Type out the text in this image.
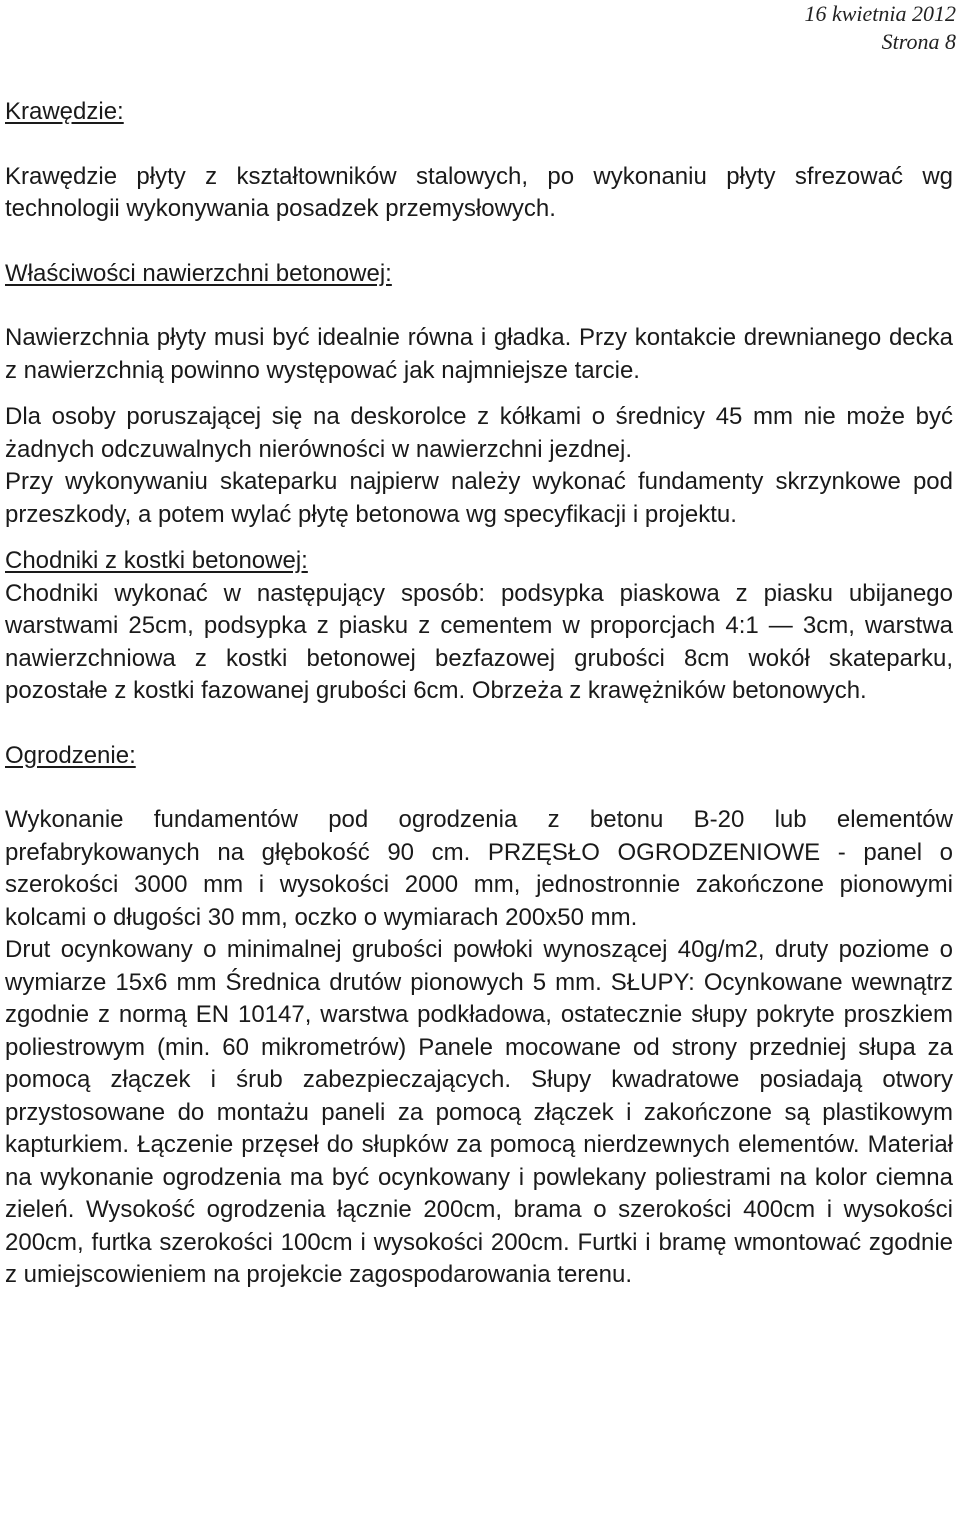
16 kwietnia 2012
Strona 8
Krawędzie:

Krawędzie płyty z kształtowników stalowych, po wykonaniu płyty sfrezować wg technologii wykonywania posadzek przemysłowych.

Właściwości nawierzchni betonowej:

Nawierzchnia płyty musi być idealnie równa i gładka. Przy kontakcie drewnianego decka z nawierzchnią powinno występować jak najmniejsze tarcie.

Dla osoby poruszającej się na deskorolce z kółkami o średnicy 45 mm nie może być żadnych odczuwalnych nierówności w nawierzchni jezdnej.

Przy wykonywaniu skateparku najpierw należy wykonać fundamenty skrzynkowe pod przeszkody, a potem wylać płytę betonowa wg specyfikacji i projektu.

Chodniki z kostki betonowej:

Chodniki wykonać w następujący sposób: podsypka piaskowa z piasku ubijanego warstwami 25cm, podsypka z piasku z cementem w proporcjach 4:1 — 3cm, warstwa nawierzchniowa z kostki betonowej bezfazowej grubości 8cm wokół skateparku, pozostałe z kostki fazowanej grubości 6cm. Obrzeża z krawężników betonowych.

Ogrodzenie:

Wykonanie fundamentów pod ogrodzenia z betonu B-20 lub elementów prefabrykowanych na głębokość 90 cm. PRZĘSŁO OGRODZENIOWE - panel o szerokości 3000 mm i wysokości 2000 mm, jednostronnie zakończone pionowymi kolcami o długości 30 mm, oczko o wymiarach 200x50 mm.

Drut ocynkowany o minimalnej grubości powłoki wynoszącej 40g/m2, druty poziome o wymiarze 15x6 mm Średnica drutów pionowych 5 mm. SŁUPY: Ocynkowane wewnątrz zgodnie z normą EN 10147, warstwa podkładowa, ostatecznie słupy pokryte proszkiem poliestrowym (min. 60 mikrometrów) Panele mocowane od strony przedniej słupa za pomocą złączek i śrub zabezpieczających. Słupy kwadratowe posiadają otwory przystosowane do montażu paneli za pomocą złączek i zakończone są plastikowym kapturkiem. Łączenie przęseł do słupków za pomocą nierdzewnych elementów. Materiał na wykonanie ogrodzenia ma być ocynkowany i powlekany poliestrami na kolor ciemna zieleń. Wysokość ogrodzenia łącznie 200cm, brama o szerokości 400cm i wysokości 200cm, furtka szerokości 100cm i wysokości 200cm. Furtki i bramę wmontować zgodnie z umiejscowieniem na projekcie zagospodarowania terenu.
